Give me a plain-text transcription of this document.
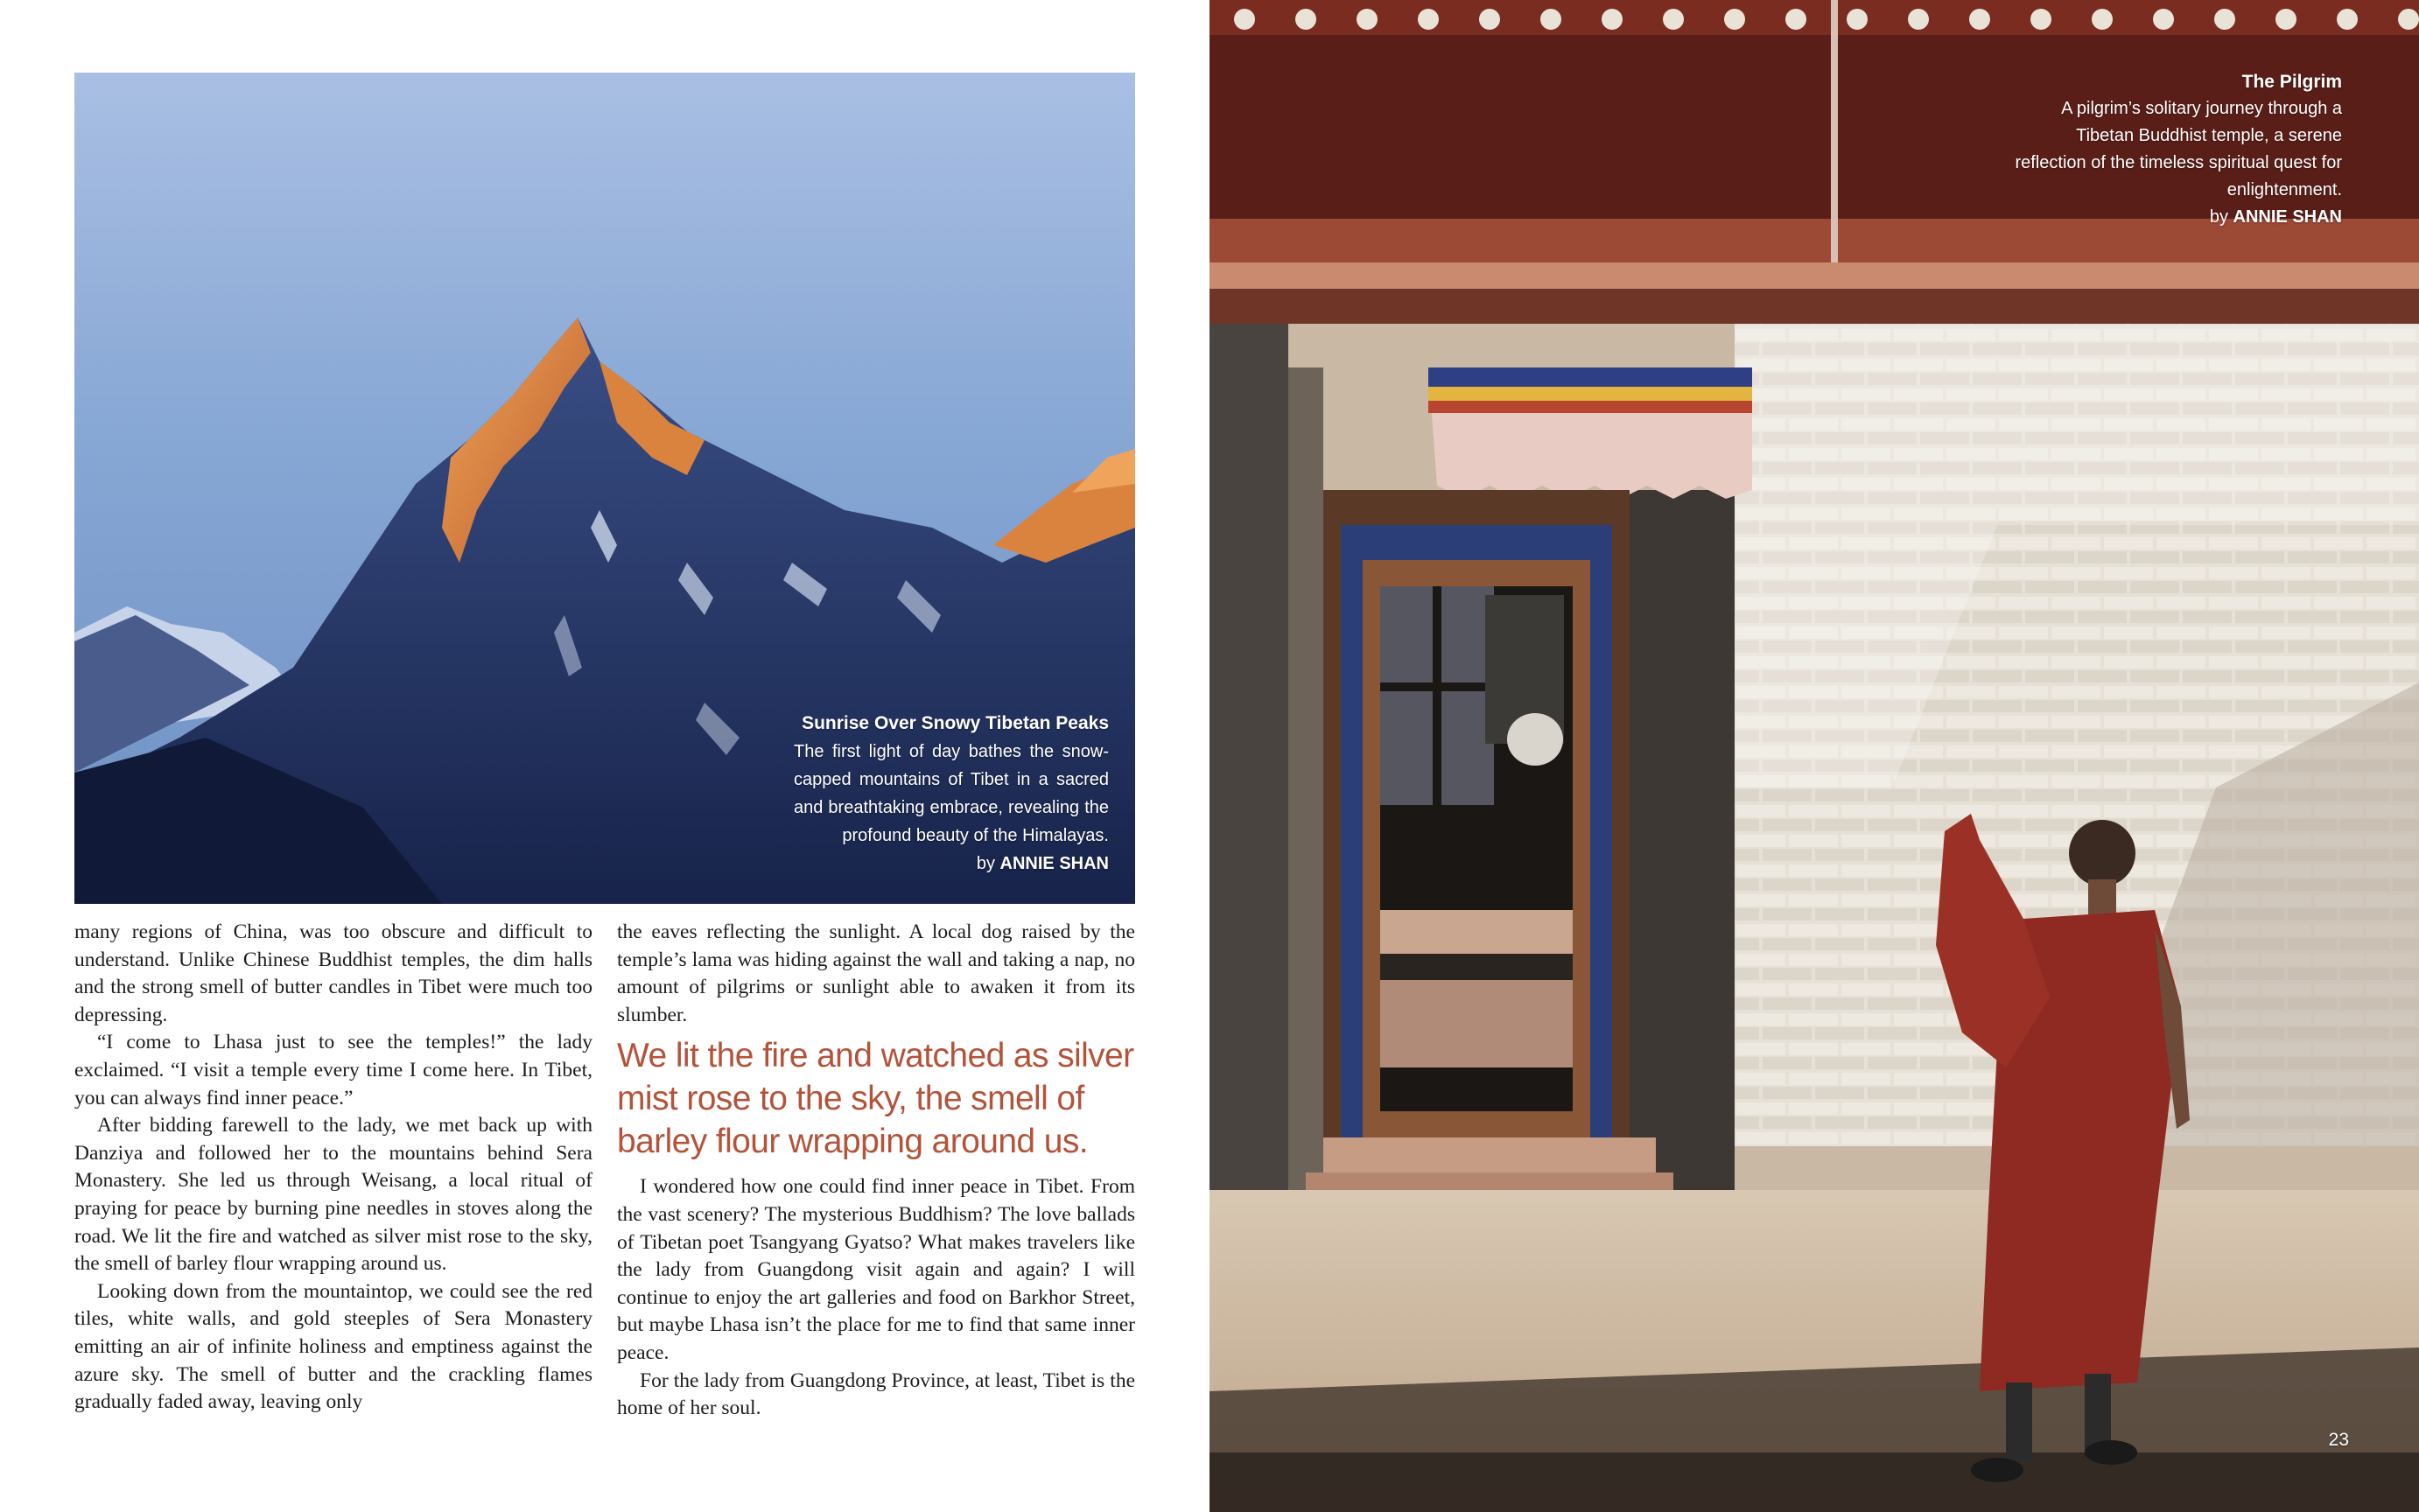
Sunrise Over Snowy Tibetan Peaks
The first light of day bathes the snow-capped mountains of Tibet in a sacred and breathtaking embrace, revealing the profound beauty of the Himalayas.
by ANNIE SHAN

many regions of China, was too obscure and difficult to understand. Unlike Chinese Buddhist temples, the dim halls and the strong smell of butter candles in Tibet were much too depressing.

“I come to Lhasa just to see the temples!” the lady exclaimed. “I visit a temple every time I come here. In Tibet, you can always find inner peace.”

After bidding farewell to the lady, we met back up with Danziya and followed her to the mountains behind Sera Monastery. She led us through Weisang, a local ritual of praying for peace by burning pine needles in stoves along the road. We lit the fire and watched as silver mist rose to the sky, the smell of barley flour wrapping around us.

Looking down from the mountaintop, we could see the red tiles, white walls, and gold steeples of Sera Monastery emitting an air of infinite holiness and emptiness against the azure sky. The smell of butter and the crackling flames gradually faded away, leaving only

the eaves reflecting the sunlight. A local dog raised by the temple’s lama was hiding against the wall and taking a nap, no amount of pilgrims or sunlight able to awaken it from its slumber.

We lit the fire and watched as silver mist rose to the sky, the smell of barley flour wrapping around us.

I wondered how one could find inner peace in Tibet. From the vast scenery? The mysterious Buddhism? The love ballads of Tibetan poet Tsangyang Gyatso? What makes travelers like the lady from Guangdong visit again and again? I will continue to enjoy the art galleries and food on Barkhor Street, but maybe Lhasa isn’t the place for me to find that same inner peace.

For the lady from Guangdong Province, at least, Tibet is the home of her soul.

The Pilgrim
A pilgrim’s solitary journey through a Tibetan Buddhist temple, a serene reflection of the timeless spiritual quest for enlightenment.
by ANNIE SHAN
23
